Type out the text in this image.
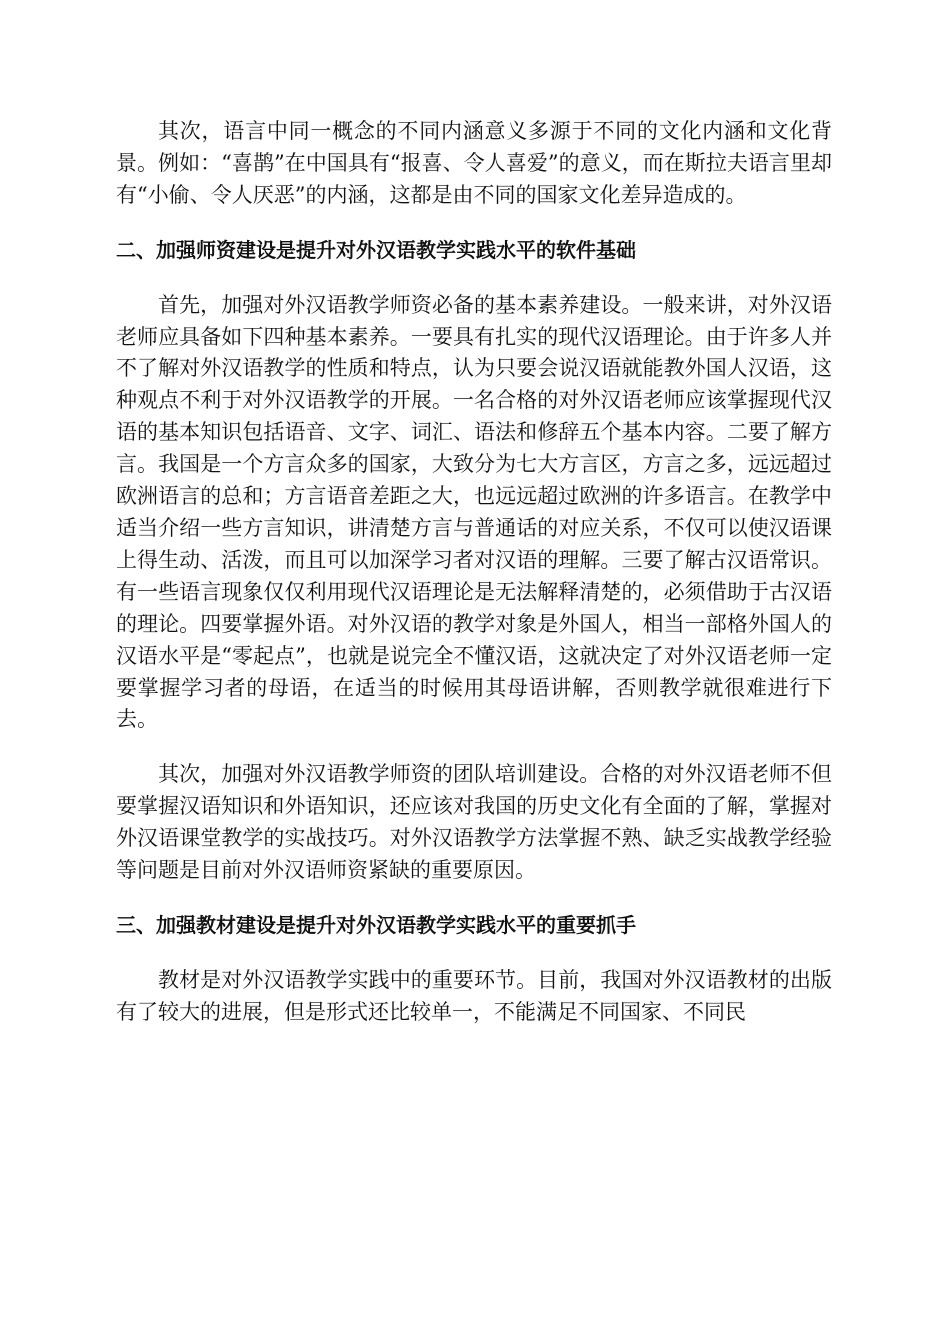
其次，语言中同一概念的不同内涵意义多源于不同的文化内涵和文化背景。例如：“喜鹊”在中国具有“报喜、令人喜爱”的意义，而在斯拉夫语言里却有“小偷、令人厌恶”的内涵，这都是由不同的国家文化差异造成的。

二、加强师资建设是提升对外汉语教学实践水平的软件基础

首先，加强对外汉语教学师资必备的基本素养建设。一般来讲，对外汉语老师应具备如下四种基本素养。一要具有扎实的现代汉语理论。由于许多人并不了解对外汉语教学的性质和特点，认为只要会说汉语就能教外国人汉语，这种观点不利于对外汉语教学的开展。一名合格的对外汉语老师应该掌握现代汉语的基本知识包括语音、文字、词汇、语法和修辞五个基本内容。二要了解方言。我国是一个方言众多的国家，大致分为七大方言区，方言之多，远远超过欧洲语言的总和；方言语音差距之大，也远远超过欧洲的许多语言。在教学中适当介绍一些方言知识，讲清楚方言与普通话的对应关系，不仅可以使汉语课上得生动、活泼，而且可以加深学习者对汉语的理解。三要了解古汉语常识。有一些语言现象仅仅利用现代汉语理论是无法解释清楚的，必须借助于古汉语的理论。四要掌握外语。对外汉语的教学对象是外国人，相当一部格外国人的汉语水平是“零起点”，也就是说完全不懂汉语，这就决定了对外汉语老师一定要掌握学习者的母语，在适当的时候用其母语讲解，否则教学就很难进行下去。

其次，加强对外汉语教学师资的团队培训建设。合格的对外汉语老师不但要掌握汉语知识和外语知识，还应该对我国的历史文化有全面的了解，掌握对外汉语课堂教学的实战技巧。对外汉语教学方法掌握不熟、缺乏实战教学经验等问题是目前对外汉语师资紧缺的重要原因。

三、加强教材建设是提升对外汉语教学实践水平的重要抓手

教材是对外汉语教学实践中的重要环节。目前，我国对外汉语教材的出版有了较大的进展，但是形式还比较单一，不能满足不同国家、不同民
